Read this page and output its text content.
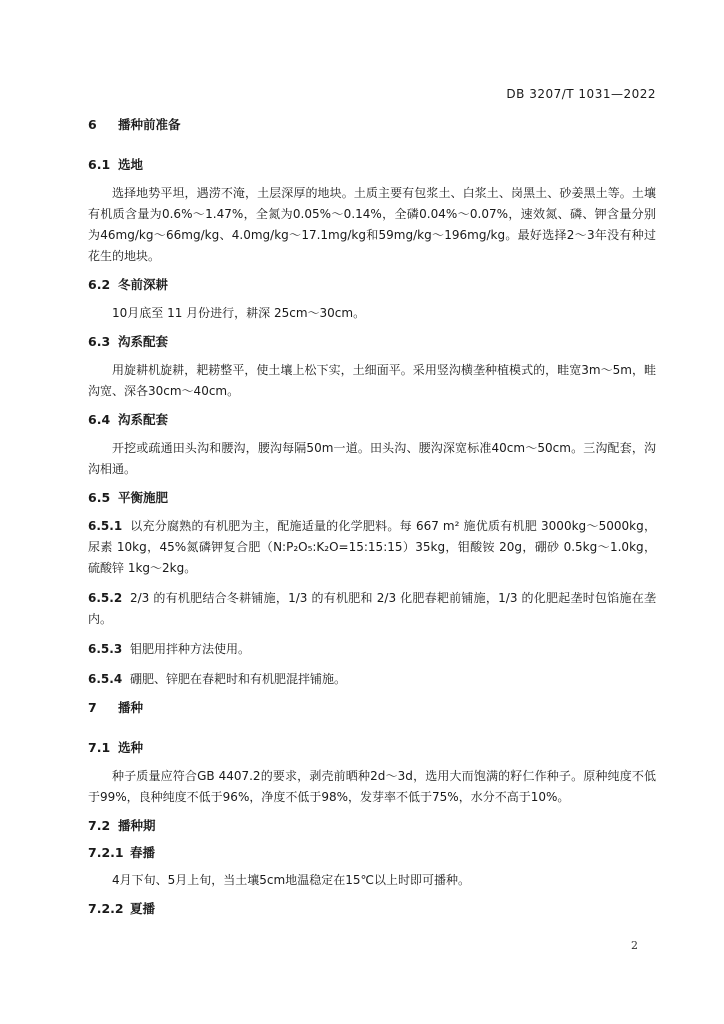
DB 3207/T 1031—2022
6 播种前准备
6.1 选地

选择地势平坦，遇涝不淹，土层深厚的地块。土质主要有包浆土、白浆土、岗黑土、砂姜黑土等。土壤有机质含量为0.6%～1.47%，全氮为0.05%～0.14%，全磷0.04%～0.07%，速效氮、磷、钾含量分别为46mg/kg～66mg/kg、4.0mg/kg～17.1mg/kg和59mg/kg～196mg/kg。最好选择2～3年没有种过花生的地块。

6.2 冬前深耕

10月底至 11 月份进行，耕深 25cm～30cm。

6.3 沟系配套

用旋耕机旋耕，耙耢整平，使土壤上松下实，土细面平。采用竖沟横垄种植模式的，畦宽3m～5m，畦沟宽、深各30cm～40cm。

6.4 沟系配套

开挖或疏通田头沟和腰沟，腰沟每隔50m一道。田头沟、腰沟深宽标准40cm～50cm。三沟配套，沟沟相通。

6.5 平衡施肥

6.5.1 以充分腐熟的有机肥为主，配施适量的化学肥料。每 667 m² 施优质有机肥 3000kg～5000kg，尿素 10kg，45%氮磷钾复合肥（N:P₂O₅:K₂O=15:15:15）35kg，钼酸铵 20g，硼砂 0.5kg～1.0kg，硫酸锌 1kg～2kg。

6.5.2 2/3 的有机肥结合冬耕铺施，1/3 的有机肥和 2/3 化肥春耙前铺施，1/3 的化肥起垄时包馅施在垄内。

6.5.3 钼肥用拌种方法使用。

6.5.4 硼肥、锌肥在春耙时和有机肥混拌铺施。

7 播种
7.1 选种

种子质量应符合GB 4407.2的要求，剥壳前晒种2d～3d，选用大而饱满的籽仁作种子。原种纯度不低于99%，良种纯度不低于96%，净度不低于98%，发芽率不低于75%，水分不高于10%。

7.2 播种期
7.2.1 春播

4月下旬、5月上旬，当土壤5cm地温稳定在15℃以上时即可播种。

7.2.2 夏播
2
